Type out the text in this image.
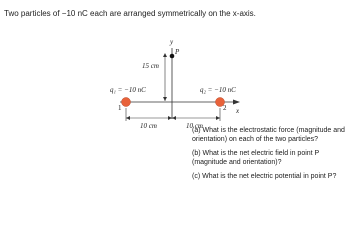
Two particles of −10 nC each are arranged symmetrically on the x-axis.
y
x
P
15 cm
q₁ = −10 nC
1
q₂ = −10 nC
2
10 cm	10 cm

(a) What is the electrostatic force (magnitude and orientation) on each of the two particles?

(b) What is the net electric field in point P (magnitude and orientation)?

(c) What is the net electric potential in point P?
